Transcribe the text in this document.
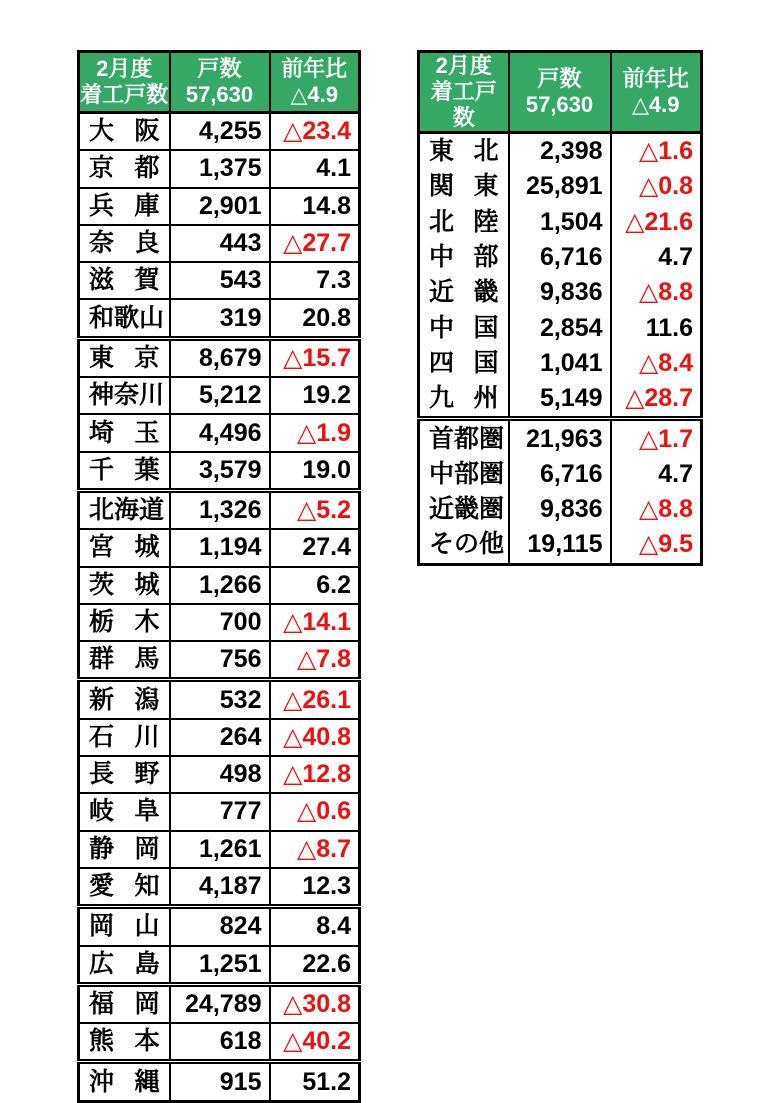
2月度
着工戸数

戸数
57,630

前年比
△4.9

大 阪	4,255	△23.4

京 都	1,375	4.1

兵 庫	2,901	14.8

奈 良	443	△27.7

滋 賀	543	7.3

和 歌 山	319	20.8

東 京	8,679	△15.7

神 奈 川	5,212	19.2

埼 玉	4,496	△1.9

千 葉	3,579	19.0

北 海 道	1,326	△5.2

宮 城	1,194	27.4

茨 城	1,266	6.2

栃 木	700	△14.1

群 馬	756	△7.8

新 潟	532	△26.1

石 川	264	△40.8

長 野	498	△12.8

岐 阜	777	△0.6

静 岡	1,261	△8.7

愛 知	4,187	12.3

岡 山	824	8.4

広 島	1,251	22.6

福 岡	24,789	△30.8

熊 本	618	△40.2

沖 縄	915	51.2
2月度
着工戸数

戸数
57,630

前年比
△4.9

東 北	2,398	△1.6

関 東	25,891	△0.8

北 陸	1,504	△21.6

中 部	6,716	4.7

近 畿	9,836	△8.8

中 国	2,854	11.6

四 国	1,041	△8.4

九 州	5,149	△28.7

首 都 圏	21,963	△1.7

中 部 圏	6,716	4.7

近 畿 圏	9,836	△8.8

そ の 他	19,115	△9.5
